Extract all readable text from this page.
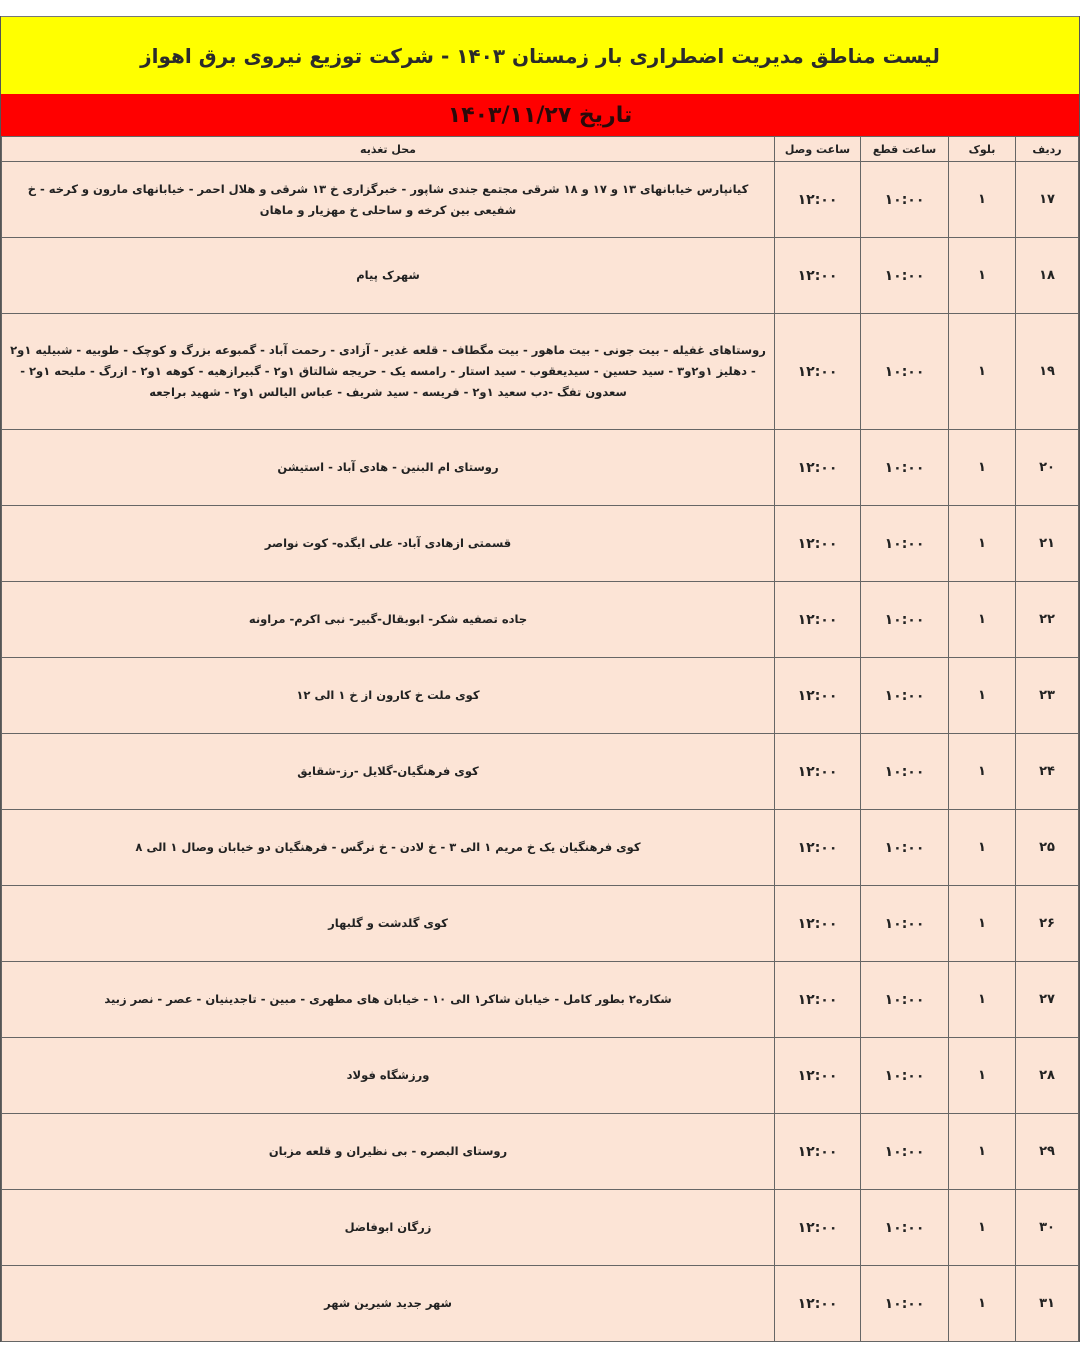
لیست مناطق مدیریت اضطراری بار زمستان ۱۴۰۳ - شرکت توزیع نیروی برق اهواز
تاریخ ۱۴۰۳/۱۱/۲۷
ردیف	بلوک	ساعت قطع	ساعت وصل	محل تغذیه
۱۷	۱	۱۰:۰۰	۱۲:۰۰	کیانپارس خیابانهای ۱۳ و ۱۷ و ۱۸ شرقی مجتمع جندی شاپور - خبرگزاری خ ۱۳ شرقی و هلال احمر - خیابانهای مارون و کرخه - خ شفیعی بین کرخه و ساحلی خ مهزیار و ماهان
۱۸	۱	۱۰:۰۰	۱۲:۰۰	شهرک پیام
۱۹	۱	۱۰:۰۰	۱۲:۰۰	روستاهای غفیله - بیت جونی - بیت ماهور - بیت مگطاف - قلعه غدیر - آزادی - رحمت آباد - گمبوعه بزرگ و کوچک - طوبیه - شبیلیه ۱و۲ - دهلیز ۱و۲و۳ - سید حسین - سیدیعقوب - سید استار - رامسه یک - حریجه شالتاق ۱و۲ - گبیرازهیه - کوهه ۱و۲ - ازرگ - ملیحه ۱و۲ - سعدون تفگ -دب سعید ۱و۲ - فریسه - سید شریف - عباس الیالس ۱و۲ - شهید براجعه
۲۰	۱	۱۰:۰۰	۱۲:۰۰	روستای ام البنین - هادی آباد - استیشن
۲۱	۱	۱۰:۰۰	۱۲:۰۰	قسمتی ازهادی آباد- علی ایگده- کوت نواصر
۲۲	۱	۱۰:۰۰	۱۲:۰۰	جاده تصفیه شکر- ابوبقال-گبیر- نبی اکرم- مراونه
۲۳	۱	۱۰:۰۰	۱۲:۰۰	کوی ملت خ کارون از خ ۱ الی ۱۲
۲۴	۱	۱۰:۰۰	۱۲:۰۰	کوی فرهنگیان-گلایل -رز-شقایق
۲۵	۱	۱۰:۰۰	۱۲:۰۰	کوی فرهنگیان یک خ مریم ۱ الی ۳ - خ لادن - خ نرگس - فرهنگیان دو خیابان وصال ۱ الی ۸
۲۶	۱	۱۰:۰۰	۱۲:۰۰	کوی گلدشت و گلبهار
۲۷	۱	۱۰:۰۰	۱۲:۰۰	شکاره۲ بطور کامل - خیابان شاکر۱ الی ۱۰ - خیابان های مطهری - مبین - تاجدینیان - عصر - نصر زبید
۲۸	۱	۱۰:۰۰	۱۲:۰۰	ورزشگاه فولاد
۲۹	۱	۱۰:۰۰	۱۲:۰۰	روستای البصره - بی نظیران و قلعه مزبان
۳۰	۱	۱۰:۰۰	۱۲:۰۰	زرگان ابوفاضل
۳۱	۱	۱۰:۰۰	۱۲:۰۰	شهر جدید شیرین شهر
